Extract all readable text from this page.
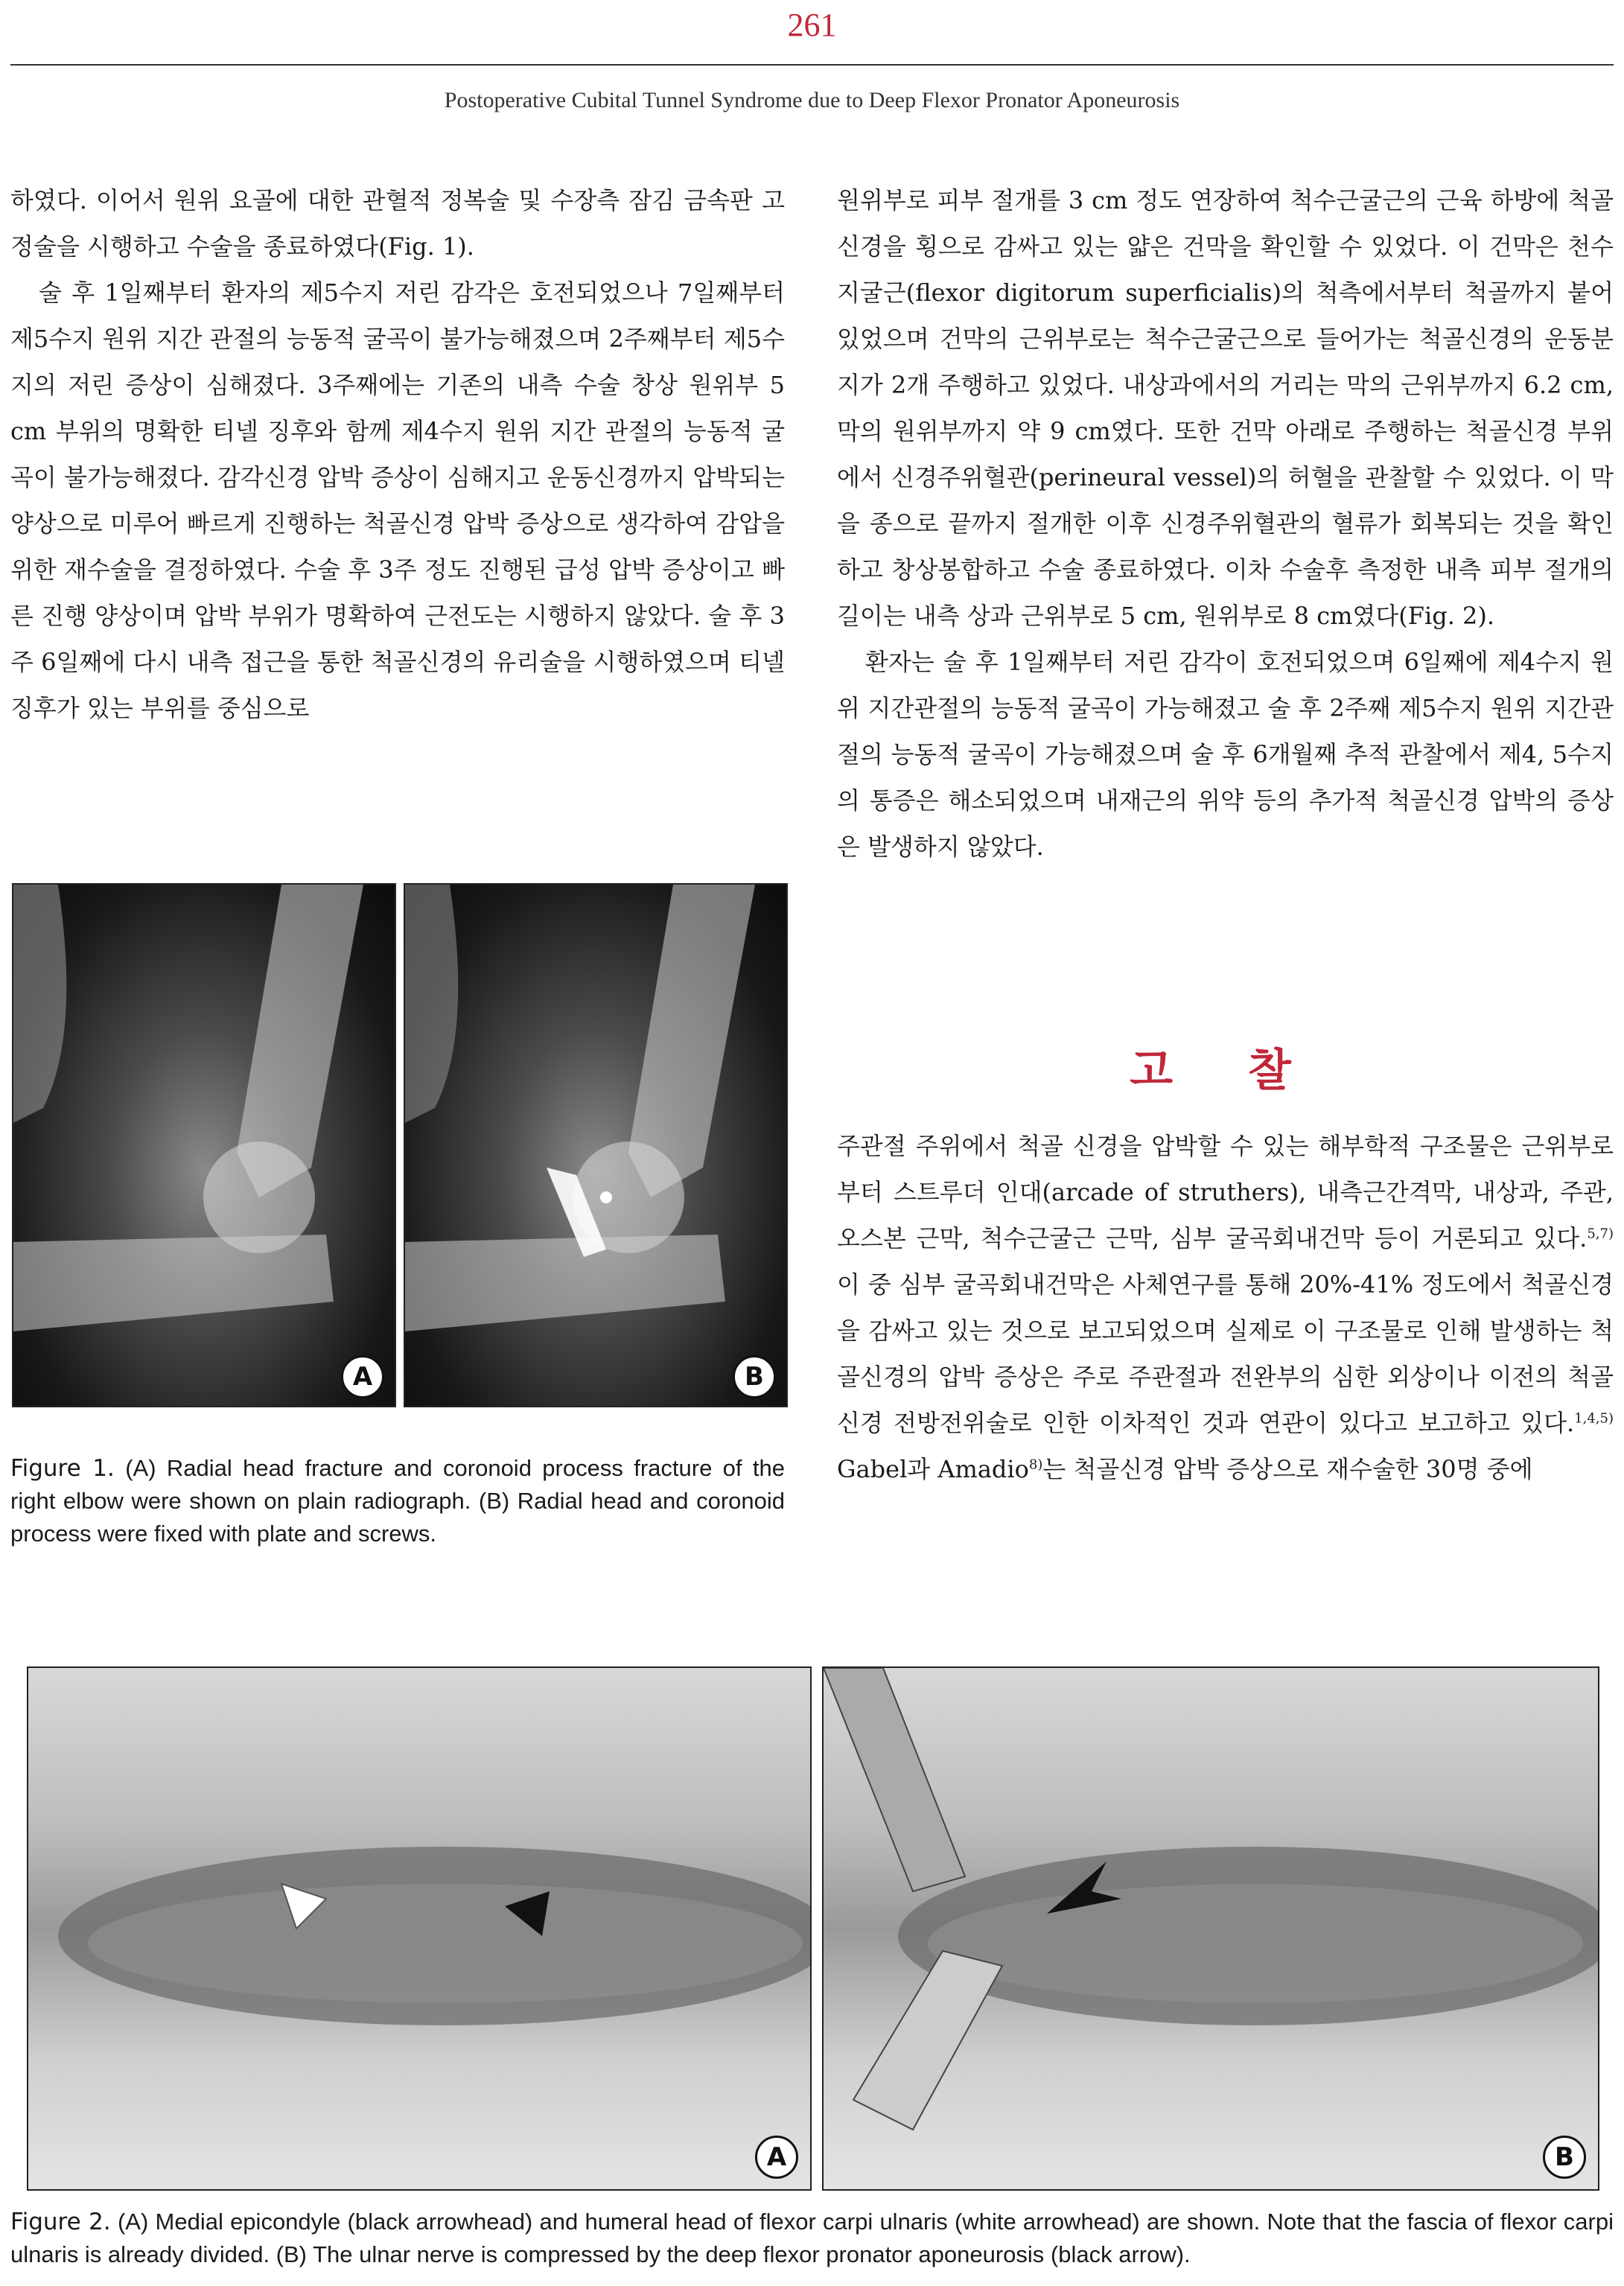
261
Postoperative Cubital Tunnel Syndrome due to Deep Flexor Pronator Aponeurosis

하였다. 이어서 원위 요골에 대한 관혈적 정복술 및 수장측 잠김 금속판 고정술을 시행하고 수술을 종료하였다(Fig. 1).

술 후 1일째부터 환자의 제5수지 저린 감각은 호전되었으나 7일째부터 제5수지 원위 지간 관절의 능동적 굴곡이 불가능해졌으며 2주째부터 제5수지의 저린 증상이 심해졌다. 3주째에는 기존의 내측 수술 창상 원위부 5 cm 부위의 명확한 티넬 징후와 함께 제4수지 원위 지간 관절의 능동적 굴곡이 불가능해졌다. 감각신경 압박 증상이 심해지고 운동신경까지 압박되는 양상으로 미루어 빠르게 진행하는 척골신경 압박 증상으로 생각하여 감압을 위한 재수술을 결정하였다. 수술 후 3주 정도 진행된 급성 압박 증상이고 빠른 진행 양상이며 압박 부위가 명확하여 근전도는 시행하지 않았다. 술 후 3주 6일째에 다시 내측 접근을 통한 척골신경의 유리술을 시행하였으며 티넬 징후가 있는 부위를 중심으로

원위부로 피부 절개를 3 cm 정도 연장하여 척수근굴근의 근육 하방에 척골신경을 횡으로 감싸고 있는 얇은 건막을 확인할 수 있었다. 이 건막은 천수지굴근(flexor digitorum superficialis)의 척측에서부터 척골까지 붙어 있었으며 건막의 근위부로는 척수근굴근으로 들어가는 척골신경의 운동분지가 2개 주행하고 있었다. 내상과에서의 거리는 막의 근위부까지 6.2 cm, 막의 원위부까지 약 9 cm였다. 또한 건막 아래로 주행하는 척골신경 부위에서 신경주위혈관(perineural vessel)의 허혈을 관찰할 수 있었다. 이 막을 종으로 끝까지 절개한 이후 신경주위혈관의 혈류가 회복되는 것을 확인하고 창상봉합하고 수술 종료하였다. 이차 수술후 측정한 내측 피부 절개의 길이는 내측 상과 근위부로 5 cm, 원위부로 8 cm였다(Fig. 2).

환자는 술 후 1일째부터 저린 감각이 호전되었으며 6일째에 제4수지 원위 지간관절의 능동적 굴곡이 가능해졌고 술 후 2주째 제5수지 원위 지간관절의 능동적 굴곡이 가능해졌으며 술 후 6개월째 추적 관찰에서 제4, 5수지의 통증은 해소되었으며 내재근의 위약 등의 추가적 척골신경 압박의 증상은 발생하지 않았다.

고 찰

주관절 주위에서 척골 신경을 압박할 수 있는 해부학적 구조물은 근위부로부터 스트루더 인대(arcade of struthers), 내측근간격막, 내상과, 주관, 오스본 근막, 척수근굴근 근막, 심부 굴곡회내건막 등이 거론되고 있다.$^{5,7)}$ 이 중 심부 굴곡회내건막은 사체연구를 통해 20%-41% 정도에서 척골신경을 감싸고 있는 것으로 보고되었으며 실제로 이 구조물로 인해 발생하는 척골신경의 압박 증상은 주로 주관절과 전완부의 심한 외상이나 이전의 척골신경 전방전위술로 인한 이차적인 것과 연관이 있다고 보고하고 있다.$^{1,4,5)}$ Gabel과 Amadio$^{8)}$는 척골신경 압박 증상으로 재수술한 30명 중에

A	B
Figure 1. (A) Radial head fracture and coronoid process fracture of the right elbow were shown on plain radiograph. (B) Radial head and coronoid process were fixed with plate and screws.
A	B
Figure 2. (A) Medial epicondyle (black arrowhead) and humeral head of flexor carpi ulnaris (white arrowhead) are shown. Note that the fascia of flexor carpi ulnaris is already divided. (B) The ulnar nerve is compressed by the deep flexor pronator aponeurosis (black arrow).
